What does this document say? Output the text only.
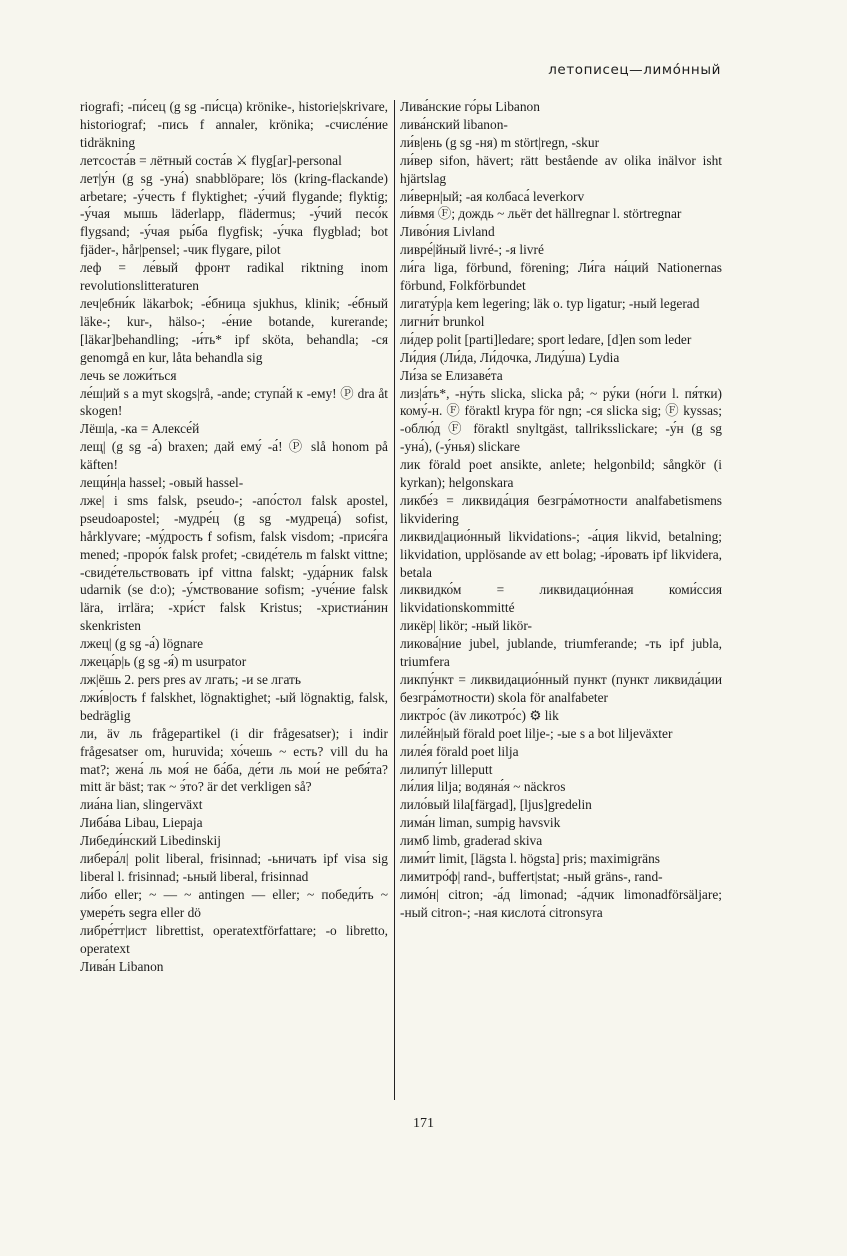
летописец—лимо́нный

riografi; -пи́сец (g sg -пи́сца) krönike-, historie|skrivare, historiograf; -пись f annaler, krönika; -счисле́ние tidräkning

летсоста́в = лётный соста́в ⚔ flyg[ar]-personal

лет|у́н (g sg -уна́) snabblöpare; lös (kring-flackande) arbetare; -у́честь f flyktighet; -у́чий flygande; flyktig; -у́чая мышь läderlapp, flädermus; -у́чий песо́к flygsand; -у́чая ры́ба flygfisk; -у́чка flygblad; bot fjäder-, hår|pensel; -чик flygare, pilot

леф = ле́вый фронт radikal riktning inom revolutionslitteraturen

леч|ебни́к läkarbok; -е́бница sjukhus, klinik; -е́бный läke-; kur-, hälso-; -е́ние botande, kurerande; [läkar]behandling; -и́ть* ipf sköta, behandla; -ся genomgå en kur, låta behandla sig

лечь se ложи́ться

ле́ш|ий s a myt skogs|rå, -ande; ступа́й к -ему! Ⓟ dra åt skogen!

Лёш|а, -ка = Алексе́й

лещ| (g sg -а́) braxen; дай ему́ -а́! Ⓟ slå honom på käften!

лещи́н|а hassel; -овый hassel-

лже| i sms falsk, pseudo-; -апо́стол falsk apostel, pseudoapostel; -мудре́ц (g sg -мудреца́) sofist, hårklyvare; -му́дрость f sofism, falsk visdom; -прися́га mened; -проро́к falsk profet; -свиде́тель m falskt vittne; -свиде́тельствовать ipf vittna falskt; -уда́рник falsk udarnik (se d:o); -у́мствование sofism; -уче́ние falsk lära, irrlära; -хри́ст falsk Kristus; -христиа́нин skenkristen

лжец| (g sg -а́) lögnare

лжеца́р|ь (g sg -я́) m usurpator

лж|ёшь 2. pers pres av лгать; -и se лгать

лжи́в|ость f falskhet, lögnaktighet; -ый lögnaktig, falsk, bedräglig

ли, äv ль frågepartikel (i dir frågesatser); i indir frågesatser om, huruvida; хо́чешь ~ есть? vill du ha mat?; жена́ ль моя́ не ба́ба, де́ти ль мои́ не ребя́та? mitt är bäst; так ~ э́то? är det verkligen så?

лиа́на lian, slingerväxt

Либа́ва Libau, Liepaja

Либеди́нский Libedinskij

либера́л| polit liberal, frisinnad; -ьничать ipf visa sig liberal l. frisinnad; -ьный liberal, frisinnad

ли́бо eller; ~ — ~ antingen — eller; ~ победи́ть ~ умере́ть segra eller dö

либре́тт|ист librettist, operatextförfattare; -о libretto, operatext

Лива́н Libanon

Лива́нские го́ры Libanon

лива́нский libanon-

ли́в|ень (g sg -ня) m stört|regn, -skur

ли́вер sifon, hävert; rätt bestående av olika inälvor isht hjärtslag

ли́верн|ый; -ая колбаса́ leverkorv

ли́вмя Ⓕ; дождь ~ льёт det hällregnar l. störtregnar

Ливо́ния Livland

ливре́|йный livré-; -я livré

ли́га liga, förbund, förening; Ли́га на́ций Nationernas förbund, Folkförbundet

лигату́р|а kem legering; läk o. typ ligatur; -ный legerad

лигни́т brunkol

ли́дер polit [parti]ledare; sport ledare, [d]en som leder

Ли́дия (Ли́да, Ли́дочка, Лиду́ша) Lydia

Ли́за se Елизаве́та

лиз|а́ть*, -ну́ть slicka, slicka på; ~ ру́ки (но́ги l. пя́тки) кому́-н. Ⓕ föraktl krypa för ngn; -ся slicka sig; Ⓕ kyssas; -облю́д Ⓕ föraktl snyltgäst, tallriksslickare; -у́н (g sg -уна́), (-у́нья) slickare

лик förald poet ansikte, anlete; helgonbild; sångkör (i kyrkan); helgonskara

ликбе́з = ликвида́ция безгра́мотности analfabetismens likvidering

ликвид|ацио́нный likvidations-; -а́ция likvid, betalning; likvidation, upplösande av ett bolag; -и́ровать ipf likvidera, betala

ликвидко́м = ликвидацио́нная коми́ссия likvidationskommitté

ликёр| likör; -ный likör-

ликова́|ние jubel, jublande, triumferande; -ть ipf jubla, triumfera

ликпу́нкт = ликвидацио́нный пункт (пункт ликвида́ции безгра́мотности) skola för analfabeter

ликтро́с (äv ликотро́с) ⚙ lik

лиле́йн|ый förald poet lilje-; -ые s a bot liljeväxter

лиле́я förald poet lilja

лилипу́т lilleputt

ли́лия lilja; водяна́я ~ näckros

лило́вый lila[färgad], [ljus]gredelin

лима́н liman, sumpig havsvik

лимб limb, graderad skiva

лими́т limit, [lägsta l. högsta] pris; maximigräns

лимитро́ф| rand-, buffert|stat; -ный gräns-, rand-

лимо́н| citron; -а́д limonad; -а́дчик limonadförsäljare; -ный citron-; -ная кислота́ citronsyra

171
